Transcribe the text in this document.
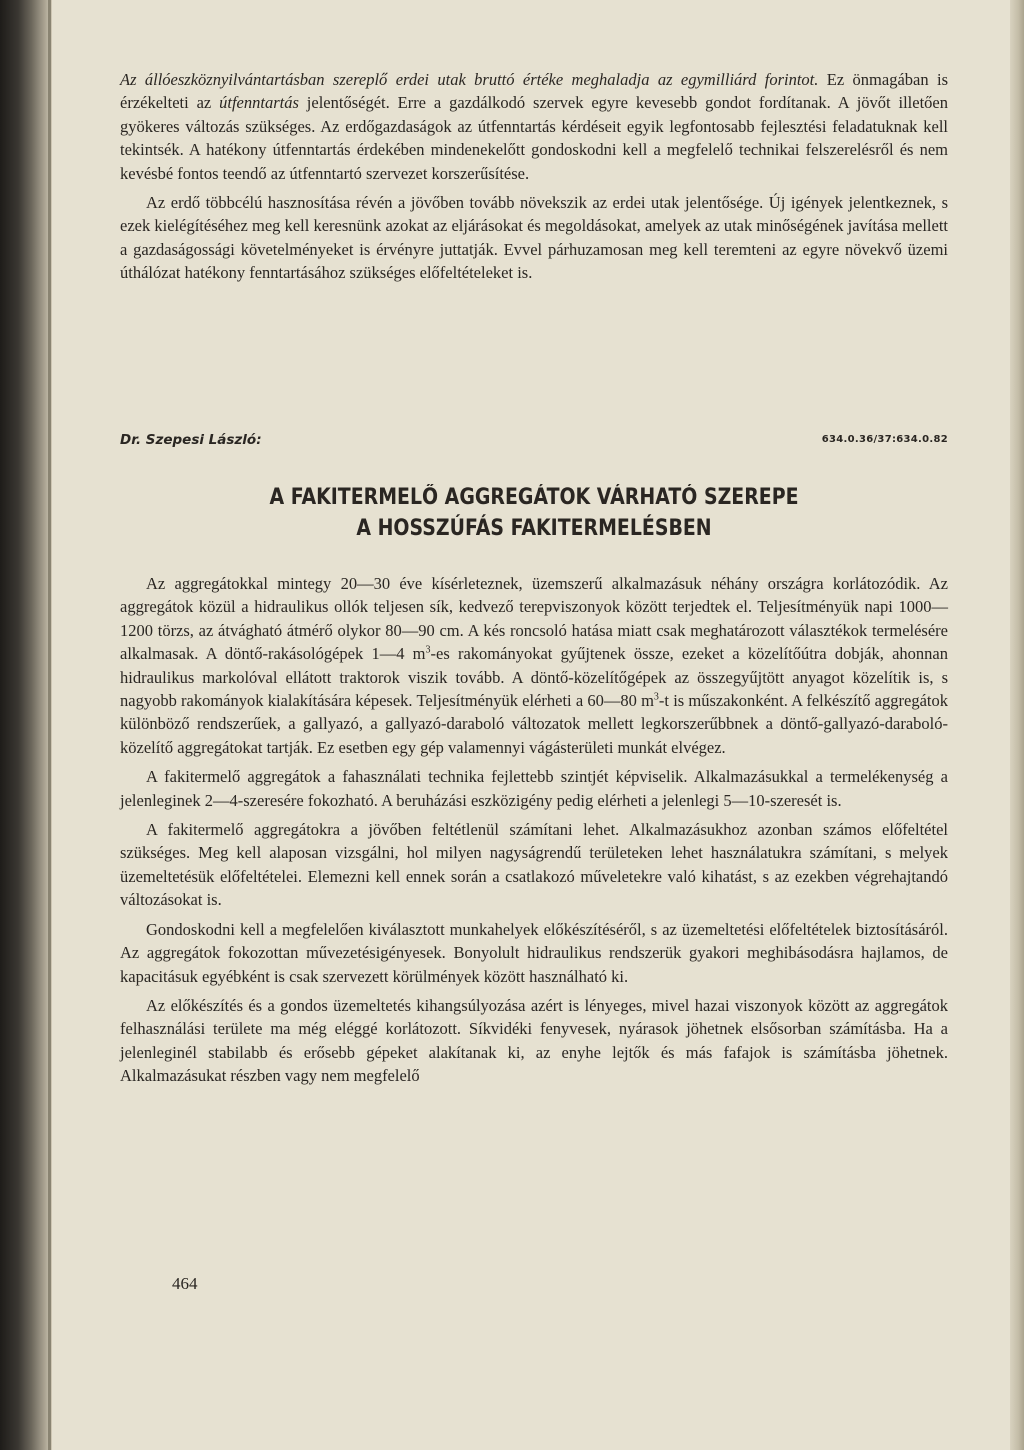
Az állóeszköznyilvántartásban szereplő erdei utak bruttó értéke meghaladja az egymilliárd forintot. Ez önmagában is érzékelteti az útfenntartás jelentőségét. Erre a gazdálkodó szervek egyre kevesebb gondot fordítanak. A jövőt illetően gyökeres változás szükséges. Az erdőgazdaságok az útfenntartás kérdéseit egyik legfontosabb fejlesztési feladatuknak kell tekintsék. A hatékony útfenntartás érdekében mindenekelőtt gondoskodni kell a megfelelő technikai felszerelésről és nem kevésbé fontos teendő az útfenntartó szervezet korszerűsítése.

Az erdő többcélú hasznosítása révén a jövőben tovább növekszik az erdei utak jelentősége. Új igények jelentkeznek, s ezek kielégítéséhez meg kell keresnünk azokat az eljárásokat és megoldásokat, amelyek az utak minőségének javítása mellett a gazdaságossági követelményeket is érvényre juttatják. Evvel párhuzamosan meg kell teremteni az egyre növekvő üzemi úthálózat hatékony fenntartásához szükséges előfeltételeket is.

Dr. Szepesi László:	634.0.36/37:634.0.82
A FAKITERMELŐ AGGREGÁTOK VÁRHATÓ SZEREPE
A HOSSZÚFÁS FAKITERMELÉSBEN

Az aggregátokkal mintegy 20—30 éve kísérleteznek, üzemszerű alkalmazásuk néhány országra korlátozódik. Az aggregátok közül a hidraulikus ollók teljesen sík, kedvező terepviszonyok között terjedtek el. Teljesítményük napi 1000—1200 törzs, az átvágható átmérő olykor 80—90 cm. A kés roncsoló hatása miatt csak meghatározott választékok termelésére alkalmasak. A döntő-rakásológépek 1—4 $m^3-es$ rakományokat gyűjtenek össze, ezeket a közelítőútra dobják, ahonnan hidraulikus markolóval ellátott traktorok viszik tovább. A döntő-közelítőgépek az összegyűjtött anyagot közelítik is, s nagyobb rakományok kialakítására képesek. Teljesítményük elérheti a 60—80 $m^3-t$ is műszakonként. A felkészítő aggregátok különböző rendszerűek, a gallyazó, a gallyazó-daraboló változatok mellett legkorszerűbbnek a döntő-gallyazó-daraboló-közelítő aggregátokat tartják. Ez esetben egy gép valamennyi vágásterületi munkát elvégez.

A fakitermelő aggregátok a fahasználati technika fejlettebb szintjét képviselik. Alkalmazásukkal a termelékenység a jelenleginek 2—4-szeresére fokozható. A beruházási eszközigény pedig elérheti a jelenlegi 5—10-szeresét is.

A fakitermelő aggregátokra a jövőben feltétlenül számítani lehet. Alkalmazásukhoz azonban számos előfeltétel szükséges. Meg kell alaposan vizsgálni, hol milyen nagyságrendű területeken lehet használatukra számítani, s melyek üzemeltetésük előfeltételei. Elemezni kell ennek során a csatlakozó műveletekre való kihatást, s az ezekben végrehajtandó változásokat is.

Gondoskodni kell a megfelelően kiválasztott munkahelyek előkészítéséről, s az üzemeltetési előfeltételek biztosításáról. Az aggregátok fokozottan művezetésigényesek. Bonyolult hidraulikus rendszerük gyakori meghibásodásra hajlamos, de kapacitásuk egyébként is csak szervezett körülmények között használható ki.

Az előkészítés és a gondos üzemeltetés kihangsúlyozása azért is lényeges, mivel hazai viszonyok között az aggregátok felhasználási területe ma még eléggé korlátozott. Síkvidéki fenyvesek, nyárasok jöhetnek elsősorban számításba. Ha a jelenleginél stabilabb és erősebb gépeket alakítanak ki, az enyhe lejtők és más fafajok is számításba jöhetnek. Alkalmazásukat részben vagy nem megfelelő

464
